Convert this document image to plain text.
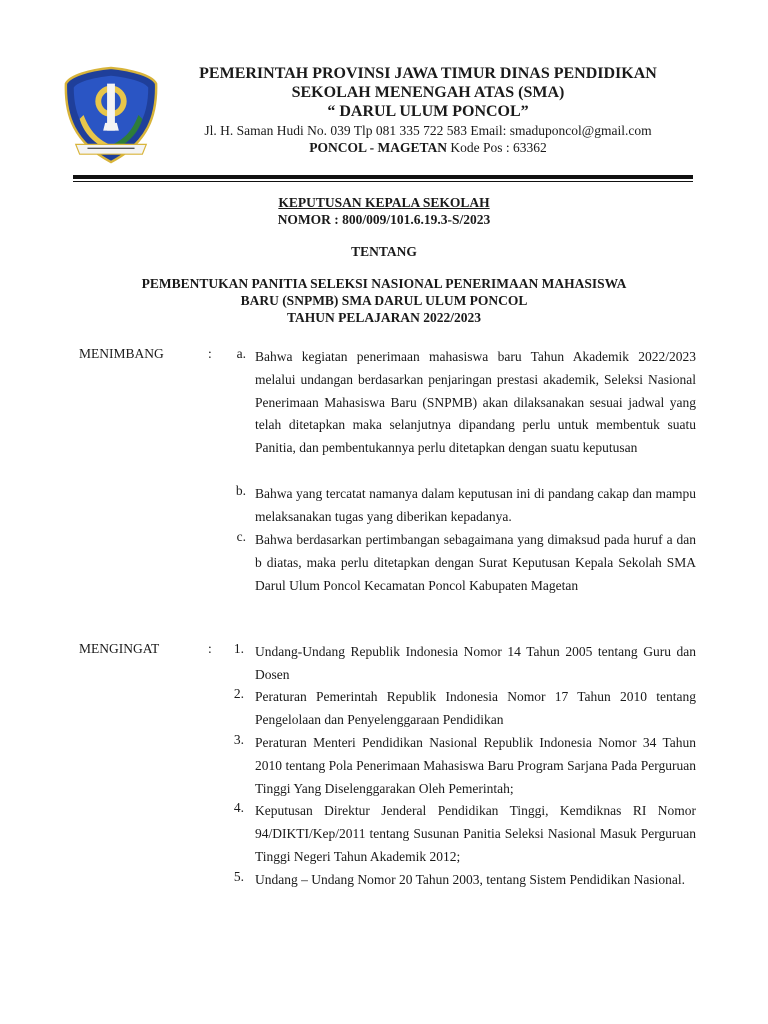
PEMERINTAH PROVINSI JAWA TIMUR DINAS PENDIDIKAN
SEKOLAH MENENGAH ATAS (SMA)
“ DARUL ULUM PONCOL”
Jl. H. Saman Hudi No. 039 Tlp 081 335 722 583 Email: smaduponcol@gmail.com
PONCOL - MAGETAN Kode Pos : 63362
KEPUTUSAN KEPALA SEKOLAH
NOMOR : 800/009/101.6.19.3-S/2023
TENTANG
PEMBENTUKAN PANITIA SELEKSI NASIONAL PENERIMAAN MAHASISWA
BARU (SNPMB) SMA DARUL ULUM PONCOL
TAHUN PELAJARAN 2022/2023
MENIMBANG	:	a. Bahwa kegiatan penerimaan mahasiswa baru Tahun Akademik 2022/2023 melalui undangan berdasarkan penjaringan prestasi akademik, Seleksi Nasional Penerimaan Mahasiswa Baru (SNPMB) akan dilaksanakan sesuai jadwal yang telah ditetapkan maka selanjutnya dipandang perlu untuk membentuk suatu Panitia, dan pembentukannya perlu ditetapkan dengan suatu keputusan
b. Bahwa yang tercatat namanya dalam keputusan ini di pandang cakap dan mampu melaksanakan tugas yang diberikan kepadanya.
c. Bahwa berdasarkan pertimbangan sebagaimana yang dimaksud pada huruf a dan b diatas, maka perlu ditetapkan dengan Surat Keputusan Kepala Sekolah SMA Darul Ulum Poncol Kecamatan Poncol Kabupaten Magetan
MENGINGAT	:	1. Undang-Undang Republik Indonesia Nomor 14 Tahun 2005 tentang Guru dan Dosen
2. Peraturan Pemerintah Republik Indonesia Nomor 17 Tahun 2010 tentang Pengelolaan dan Penyelenggaraan Pendidikan
3. Peraturan Menteri Pendidikan Nasional Republik Indonesia Nomor 34 Tahun 2010 tentang Pola Penerimaan Mahasiswa Baru Program Sarjana Pada Perguruan Tinggi Yang Diselenggarakan Oleh Pemerintah;
4. Keputusan Direktur Jenderal Pendidikan Tinggi, Kemdiknas RI Nomor 94/DIKTI/Kep/2011 tentang Susunan Panitia Seleksi Nasional Masuk Perguruan Tinggi Negeri Tahun Akademik 2012;
5. Undang – Undang Nomor 20 Tahun 2003, tentang Sistem Pendidikan Nasional.
